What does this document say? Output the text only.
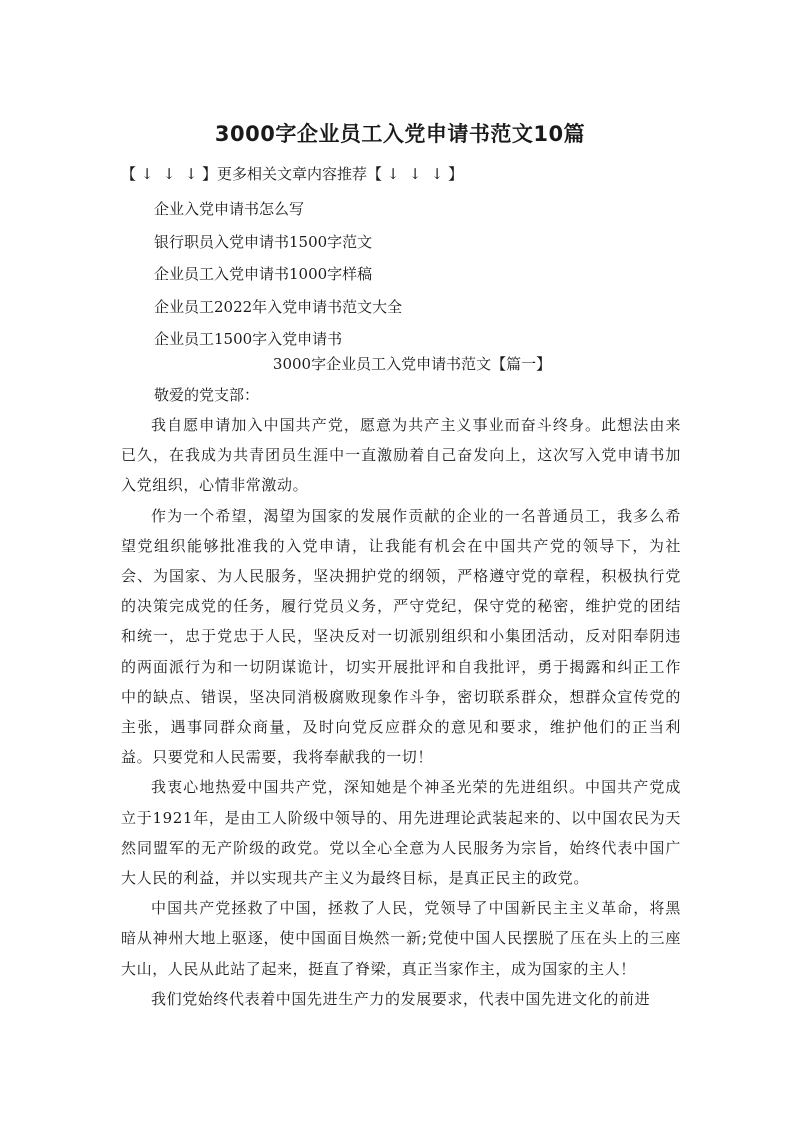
3000字企业员工入党申请书范文10篇
【 ↓ ↓ ↓ 】更多相关文章内容推荐【 ↓ ↓ ↓ 】
企业入党申请书怎么写
银行职员入党申请书1500字范文
企业员工入党申请书1000字样稿
企业员工2022年入党申请书范文大全
企业员工1500字入党申请书
3000字企业员工入党申请书范文【篇一】
敬爱的党支部：

我自愿申请加入中国共产党，愿意为共产主义事业而奋斗终身。此想法由来已久，在我成为共青团员生涯中一直激励着自己奋发向上，这次写入党申请书加入党组织，心情非常激动。

作为一个希望，渴望为国家的发展作贡献的企业的一名普通员工，我多么希望党组织能够批准我的入党申请，让我能有机会在中国共产党的领导下，为社会、为国家、为人民服务，坚决拥护党的纲领，严格遵守党的章程，积极执行党的决策完成党的任务，履行党员义务，严守党纪，保守党的秘密，维护党的团结和统一，忠于党忠于人民，坚决反对一切派别组织和小集团活动，反对阳奉阴违的两面派行为和一切阴谋诡计，切实开展批评和自我批评，勇于揭露和纠正工作中的缺点、错误，坚决同消极腐败现象作斗争，密切联系群众，想群众宣传党的主张，遇事同群众商量，及时向党反应群众的意见和要求，维护他们的正当利益。只要党和人民需要，我将奉献我的一切！

我衷心地热爱中国共产党，深知她是个神圣光荣的先进组织。中国共产党成立于1921年，是由工人阶级中领导的、用先进理论武装起来的、以中国农民为天然同盟军的无产阶级的政党。党以全心全意为人民服务为宗旨，始终代表中国广大人民的利益，并以实现共产主义为最终目标，是真正民主的政党。

中国共产党拯救了中国，拯救了人民，党领导了中国新民主主义革命，将黑暗从神州大地上驱逐，使中国面目焕然一新;党使中国人民摆脱了压在头上的三座大山，人民从此站了起来，挺直了脊梁，真正当家作主，成为国家的主人！

我们党始终代表着中国先进生产力的发展要求，代表中国先进文化的前进
